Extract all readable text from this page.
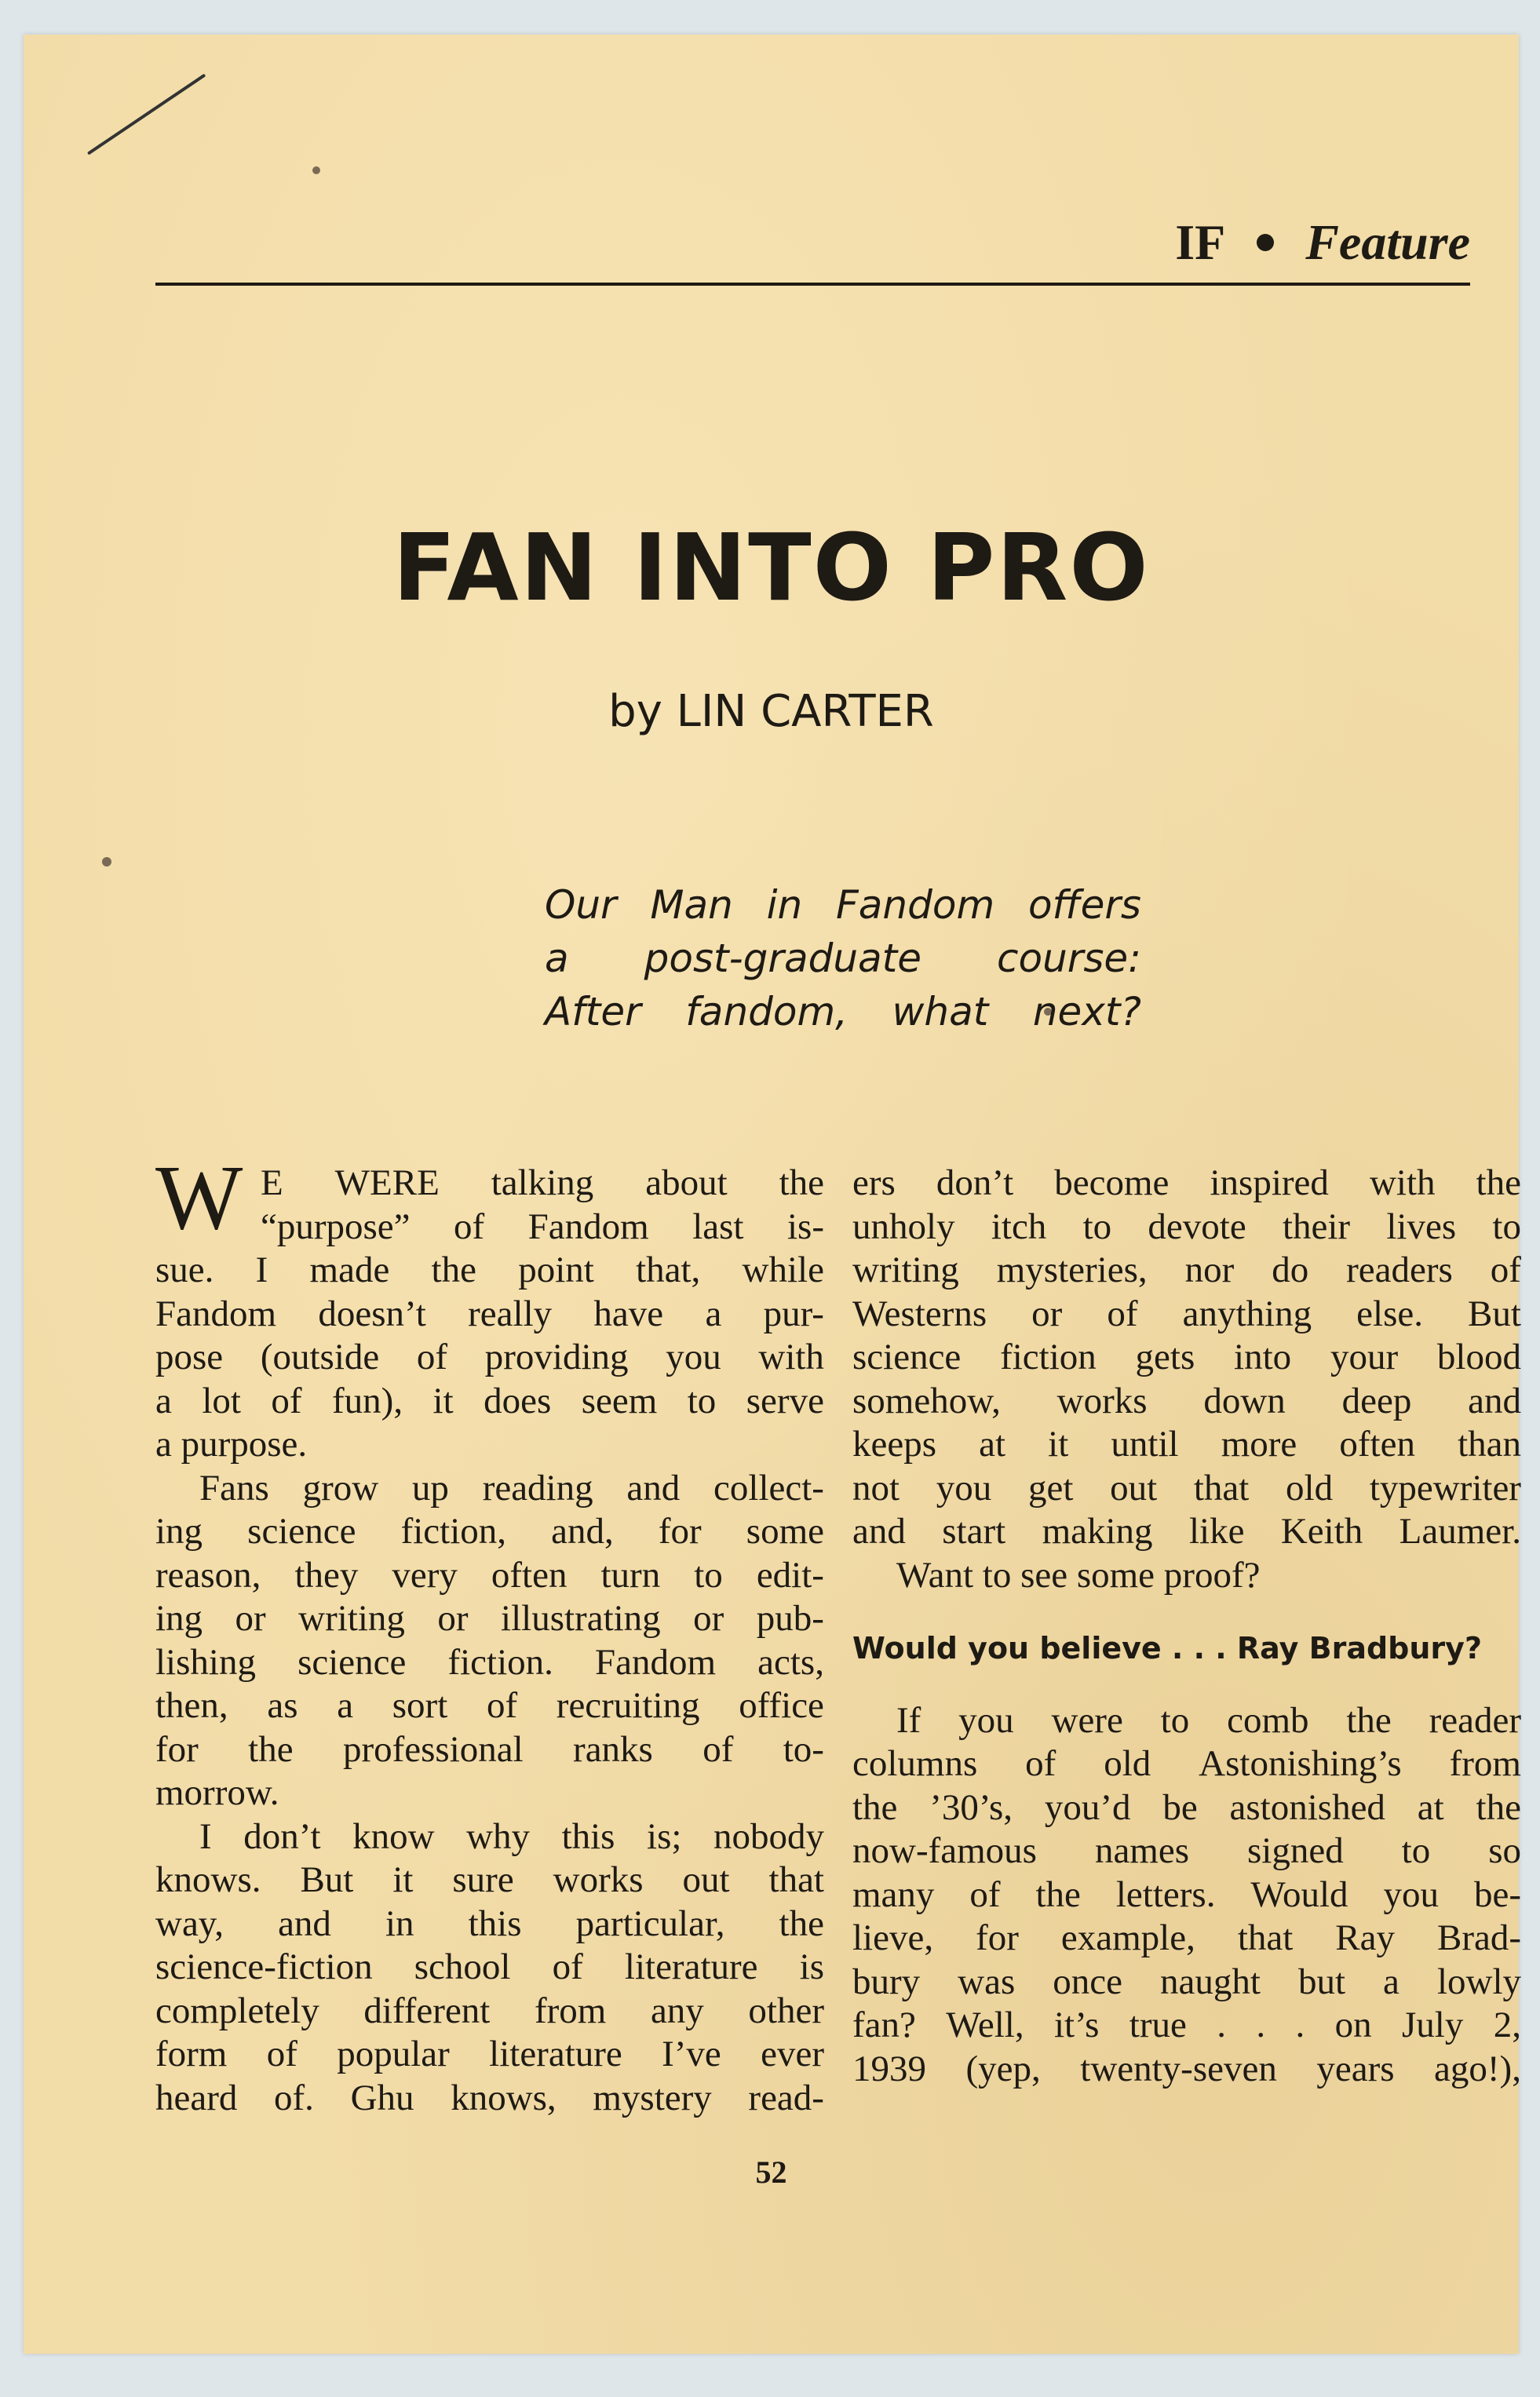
IF Feature
FAN INTO PRO
by LIN CARTER
Our Man in Fandom offers
a post-graduate course:
After fandom, what next?
W E WERE talking about the
“purpose” of Fandom last is-
sue. I made the point that, while
Fandom doesn’t really have a pur-
pose (outside of providing you with
a lot of fun), it does seem to serve
a purpose.
Fans grow up reading and collect-
ing science fiction, and, for some
reason, they very often turn to edit-
ing or writing or illustrating or pub-
lishing science fiction. Fandom acts,
then, as a sort of recruiting office
for the professional ranks of to-
morrow.
I don’t know why this is; nobody
knows. But it sure works out that
way, and in this particular, the
science-fiction school of literature is
completely different from any other
form of popular literature I’ve ever
heard of. Ghu knows, mystery read-
ers don’t become inspired with the
unholy itch to devote their lives to
writing mysteries, nor do readers of
Westerns or of anything else. But
science fiction gets into your blood
somehow, works down deep and
keeps at it until more often than
not you get out that old typewriter
and start making like Keith Laumer.
Want to see some proof?
Would you believe . . . Ray Bradbury?
If you were to comb the reader
columns of old Astonishing’s from
the ’30’s, you’d be astonished at the
now-famous names signed to so
many of the letters. Would you be-
lieve, for example, that Ray Brad-
bury was once naught but a lowly
fan? Well, it’s true . . . on July 2,
1939 (yep, twenty-seven years ago!),
52
